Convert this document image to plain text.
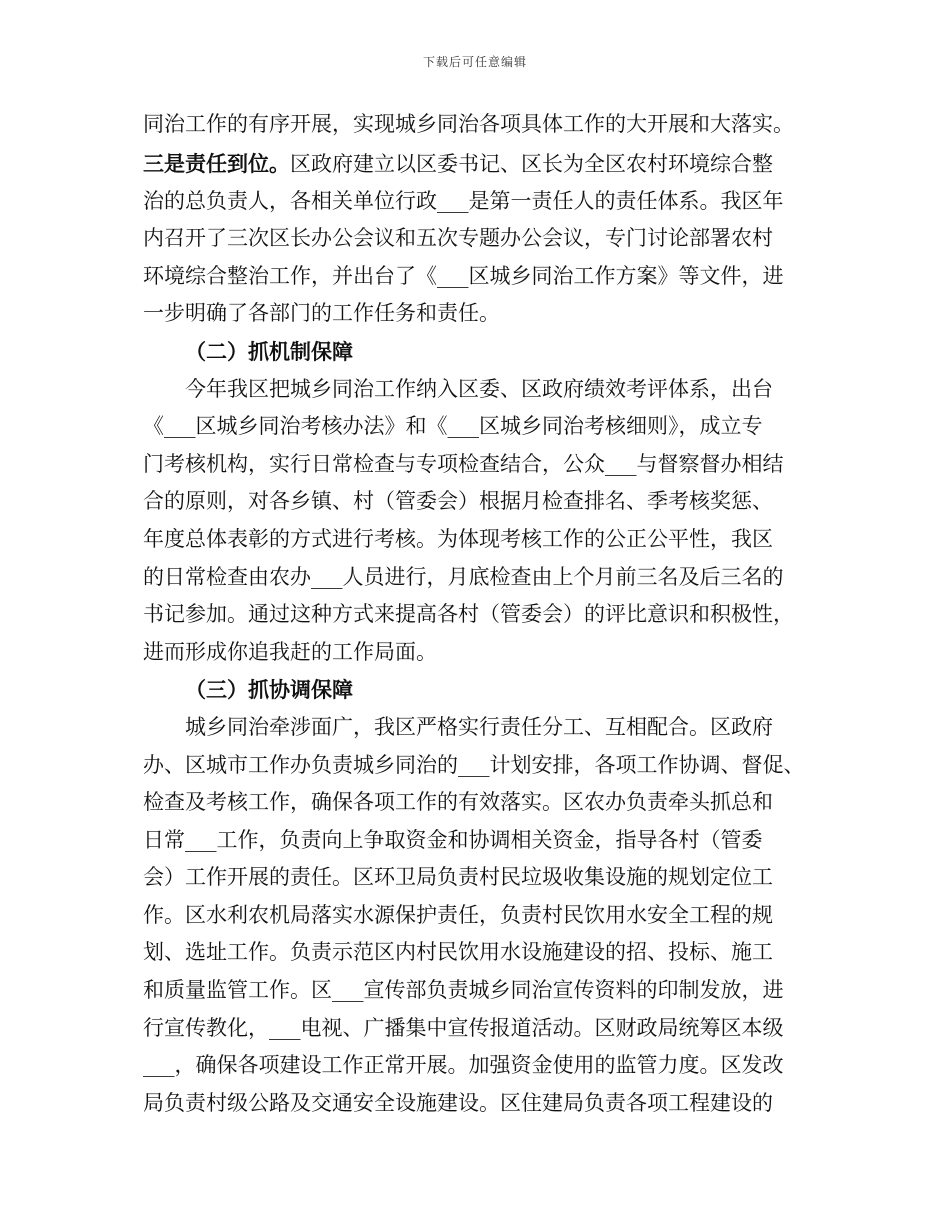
下载后可任意编辑
同治工作的有序开展，实现城乡同治各项具体工作的大开展和大落实。
三是责任到位。区政府建立以区委书记、区长为全区农村环境综合整
治的总负责人，各相关单位行政___是第一责任人的责任体系。我区年
内召开了三次区长办公会议和五次专题办公会议，专门讨论部署农村
环境综合整治工作，并出台了《___区城乡同治工作方案》等文件，进
一步明确了各部门的工作任务和责任。
（二）抓机制保障
今年我区把城乡同治工作纳入区委、区政府绩效考评体系，出台
《___区城乡同治考核办法》和《___区城乡同治考核细则》，成立专
门考核机构，实行日常检查与专项检查结合，公众___与督察督办相结
合的原则，对各乡镇、村（管委会）根据月检查排名、季考核奖惩、
年度总体表彰的方式进行考核。为体现考核工作的公正公平性，我区
的日常检查由农办___人员进行，月底检查由上个月前三名及后三名的
书记参加。通过这种方式来提高各村（管委会）的评比意识和积极性，
进而形成你追我赶的工作局面。
（三）抓协调保障
城乡同治牵涉面广，我区严格实行责任分工、互相配合。区政府
办、区城市工作办负责城乡同治的___计划安排，各项工作协调、督促、
检查及考核工作，确保各项工作的有效落实。区农办负责牵头抓总和
日常___工作，负责向上争取资金和协调相关资金，指导各村（管委
会）工作开展的责任。区环卫局负责村民垃圾收集设施的规划定位工
作。区水利农机局落实水源保护责任，负责村民饮用水安全工程的规
划、选址工作。负责示范区内村民饮用水设施建设的招、投标、施工
和质量监管工作。区___宣传部负责城乡同治宣传资料的印制发放，进
行宣传教化，___电视、广播集中宣传报道活动。区财政局统筹区本级
___，确保各项建设工作正常开展。加强资金使用的监管力度。区发改
局负责村级公路及交通安全设施建设。区住建局负责各项工程建设的
